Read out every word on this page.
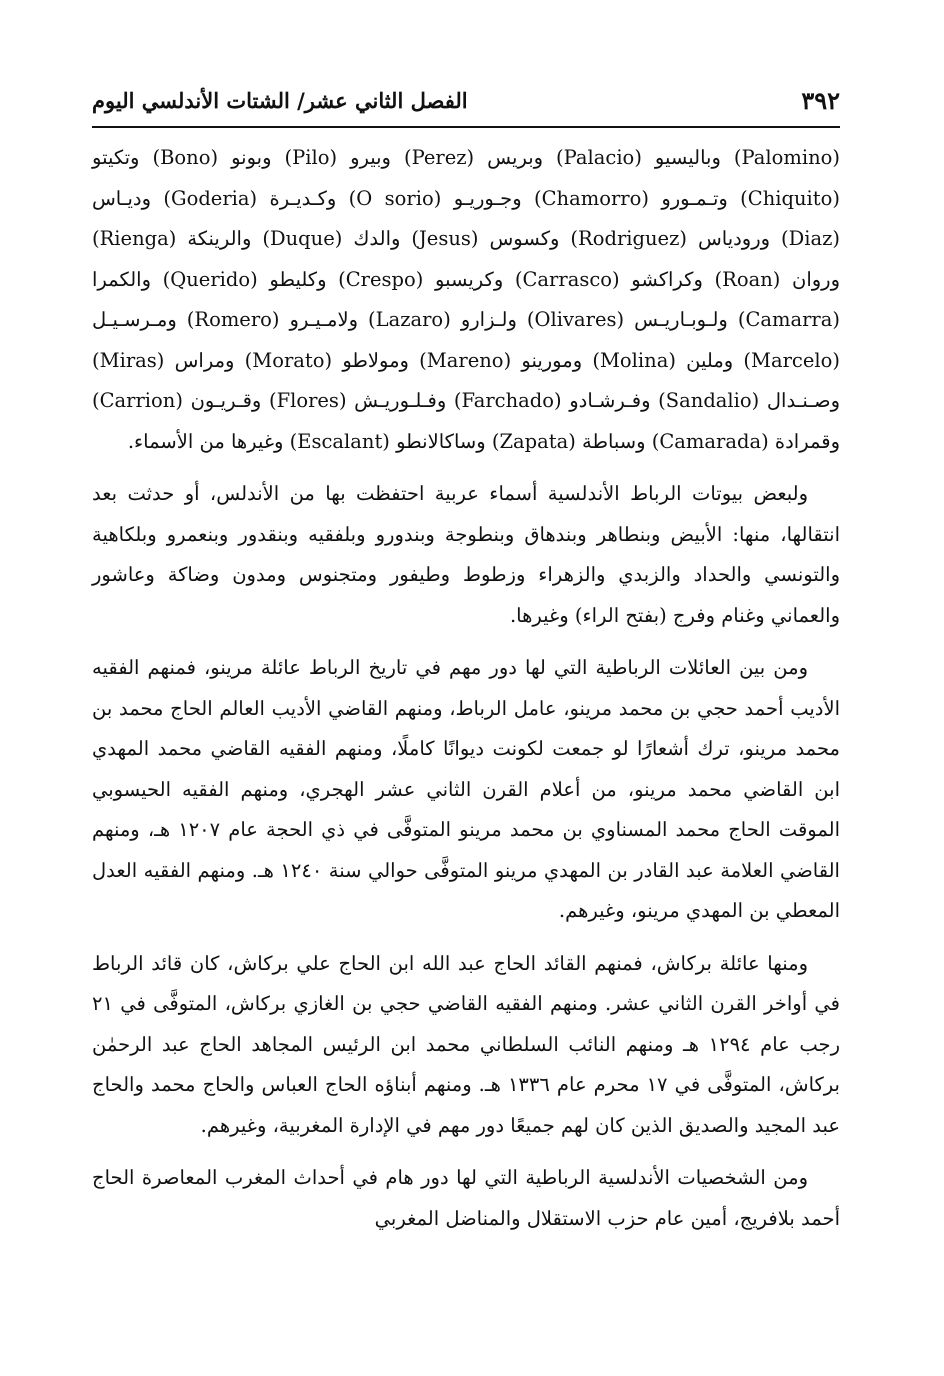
٣٩٢
الفصل الثاني عشر/ الشتات الأندلسي اليوم

(Palomino) وباليسيو (Palacio) وبريس (Perez) وبيرو (Pilo) وبونو (Bono) وتكيتو (Chiquito) وتـمـورو (Chamorro) وجـوريـو (O sorio) وكـديـرة (Goderia) وديـاس (Diaz) ورودياس (Rodriguez) وكسوس (Jesus) والدك (Duque) والرينكة (Rienga) وروان (Roan) وكراكشو (Carrasco) وكريسبو (Crespo) وكليطو (Querido) والكمرا (Camarra) ولـوبـاريـس (Olivares) ولـزارو (Lazaro) ولامـيـرو (Romero) ومـرسـيـل (Marcelo) وملين (Molina) ومورينو (Mareno) ومولاطو (Morato) ومراس (Miras) وصـنـدال (Sandalio) وفـرشـادو (Farchado) وفـلـوريـش (Flores) وقـريـون (Carrion) وقمرادة (Camarada) وسباطة (Zapata) وساكالانطو (Escalant) وغيرها من الأسماء.

ولبعض بيوتات الرباط الأندلسية أسماء عربية احتفظت بها من الأندلس، أو حدثت بعد انتقالها، منها: الأبيض وبنطاهر وبندهاق وبنطوجة وبندورو وبلفقيه وبنقدور وبنعمرو وبلكاهية والتونسي والحداد والزبدي والزهراء وزطوط وطيفور ومتجنوس ومدون وضاكة وعاشور والعماني وغنام وفرج (بفتح الراء) وغيرها.

ومن بين العائلات الرباطية التي لها دور مهم في تاريخ الرباط عائلة مرينو، فمنهم الفقيه الأديب أحمد حجي بن محمد مرينو، عامل الرباط، ومنهم القاضي الأديب العالم الحاج محمد بن محمد مرينو، ترك أشعارًا لو جمعت لكونت ديوانًا كاملًا، ومنهم الفقيه القاضي محمد المهدي ابن القاضي محمد مرينو، من أعلام القرن الثاني عشر الهجري، ومنهم الفقيه الحيسوبي الموقت الحاج محمد المسناوي بن محمد مرينو المتوفَّى في ذي الحجة عام ١٢٠٧ هـ، ومنهم القاضي العلامة عبد القادر بن المهدي مرينو المتوفَّى حوالي سنة ١٢٤٠ هـ. ومنهم الفقيه العدل المعطي بن المهدي مرينو، وغيرهم.

ومنها عائلة بركاش، فمنهم القائد الحاج عبد الله ابن الحاج علي بركاش، كان قائد الرباط في أواخر القرن الثاني عشر. ومنهم الفقيه القاضي حجي بن الغازي بركاش، المتوفَّى في ٢١ رجب عام ١٢٩٤ هـ ومنهم النائب السلطاني محمد ابن الرئيس المجاهد الحاج عبد الرحمٰن بركاش، المتوفَّى في ١٧ محرم عام ١٣٣٦ هـ. ومنهم أبناؤه الحاج العباس والحاج محمد والحاج عبد المجيد والصديق الذين كان لهم جميعًا دور مهم في الإدارة المغربية، وغيرهم.

ومن الشخصيات الأندلسية الرباطية التي لها دور هام في أحداث المغرب المعاصرة الحاج أحمد بلافريج، أمين عام حزب الاستقلال والمناضل المغربي
